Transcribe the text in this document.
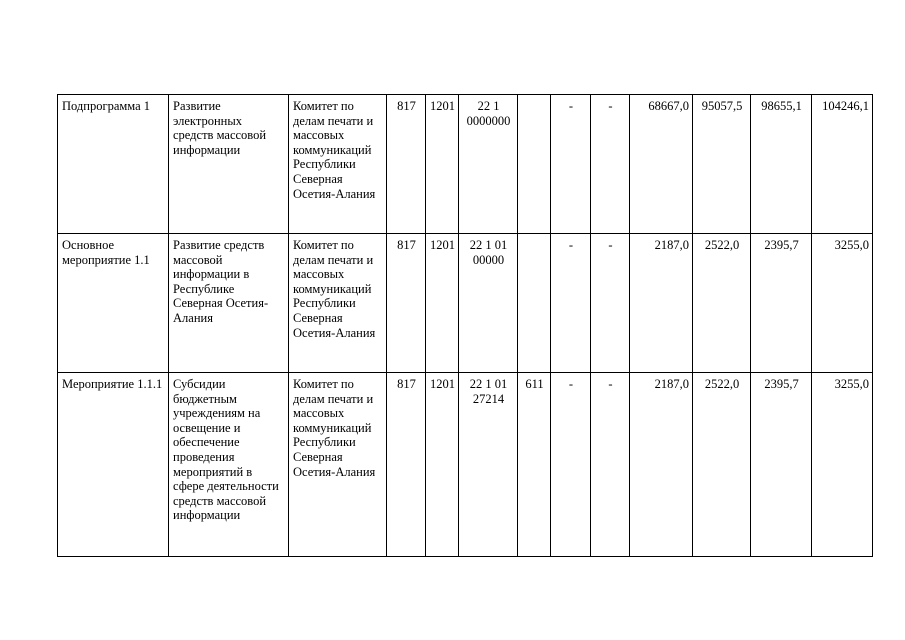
Подпрограмма 1	Развитие электронных средств массовой информации	Комитет по делам печати и массовых коммуникаций Республики Северная Осетия-Алания	817	1201	22 1 0000000		-	-	68667,0	95057,5	98655,1	104246,1
Основное мероприятие 1.1	Развитие средств массовой информации в Республике Северная Осетия-Алания	Комитет по делам печати и массовых коммуникаций Республики Северная Осетия-Алания	817	1201	22 1 01 00000		-	-	2187,0	2522,0	2395,7	3255,0
Мероприятие 1.1.1	Субсидии бюджетным учреждениям на освещение и обеспечение проведения мероприятий в сфере деятельности средств массовой информации	Комитет по делам печати и массовых коммуникаций Республики Северная Осетия-Алания	817	1201	22 1 01 27214	611	-	-	2187,0	2522,0	2395,7	3255,0
